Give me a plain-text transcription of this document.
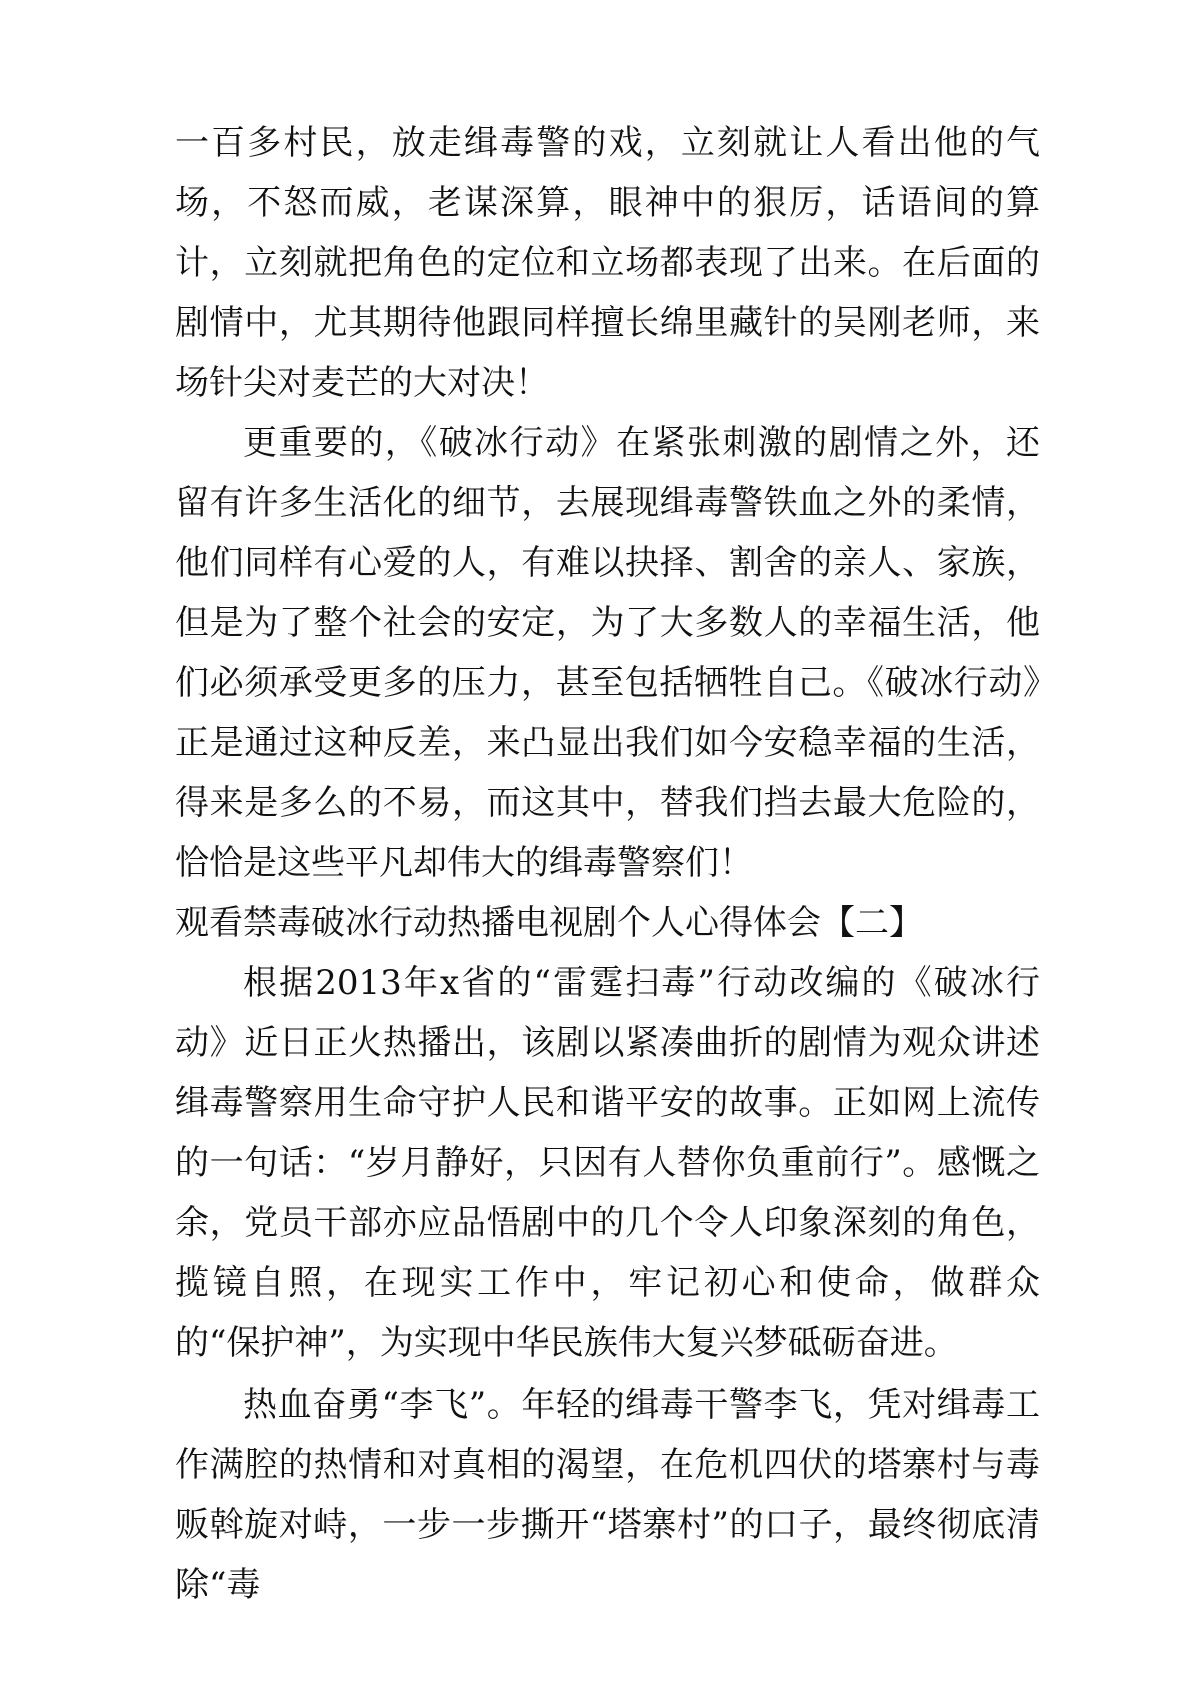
一百多村民，放走缉毒警的戏，立刻就让人看出他的气场，不怒而威，老谋深算，眼神中的狠厉，话语间的算计，立刻就把角色的定位和立场都表现了出来。在后面的剧情中，尤其期待他跟同样擅长绵里藏针的吴刚老师，来场针尖对麦芒的大对决！

更重要的，《破冰行动》在紧张刺激的剧情之外，还留有许多生活化的细节，去展现缉毒警铁血之外的柔情，他们同样有心爱的人，有难以抉择、割舍的亲人、家族，但是为了整个社会的安定，为了大多数人的幸福生活，他们必须承受更多的压力，甚至包括牺牲自己。《破冰行动》正是通过这种反差，来凸显出我们如今安稳幸福的生活，得来是多么的不易，而这其中，替我们挡去最大危险的，恰恰是这些平凡却伟大的缉毒警察们！

观看禁毒破冰行动热播电视剧个人心得体会【二】

根据2013年x省的“雷霆扫毒”行动改编的《破冰行动》近日正火热播出，该剧以紧凑曲折的剧情为观众讲述缉毒警察用生命守护人民和谐平安的故事。正如网上流传的一句话：“岁月静好，只因有人替你负重前行”。感慨之余，党员干部亦应品悟剧中的几个令人印象深刻的角色，揽镜自照，在现实工作中，牢记初心和使命，做群众的“保护神”，为实现中华民族伟大复兴梦砥砺奋进。

热血奋勇“李飞”。年轻的缉毒干警李飞，凭对缉毒工作满腔的热情和对真相的渴望，在危机四伏的塔寨村与毒贩斡旋对峙，一步一步撕开“塔寨村”的口子，最终彻底清除“毒
